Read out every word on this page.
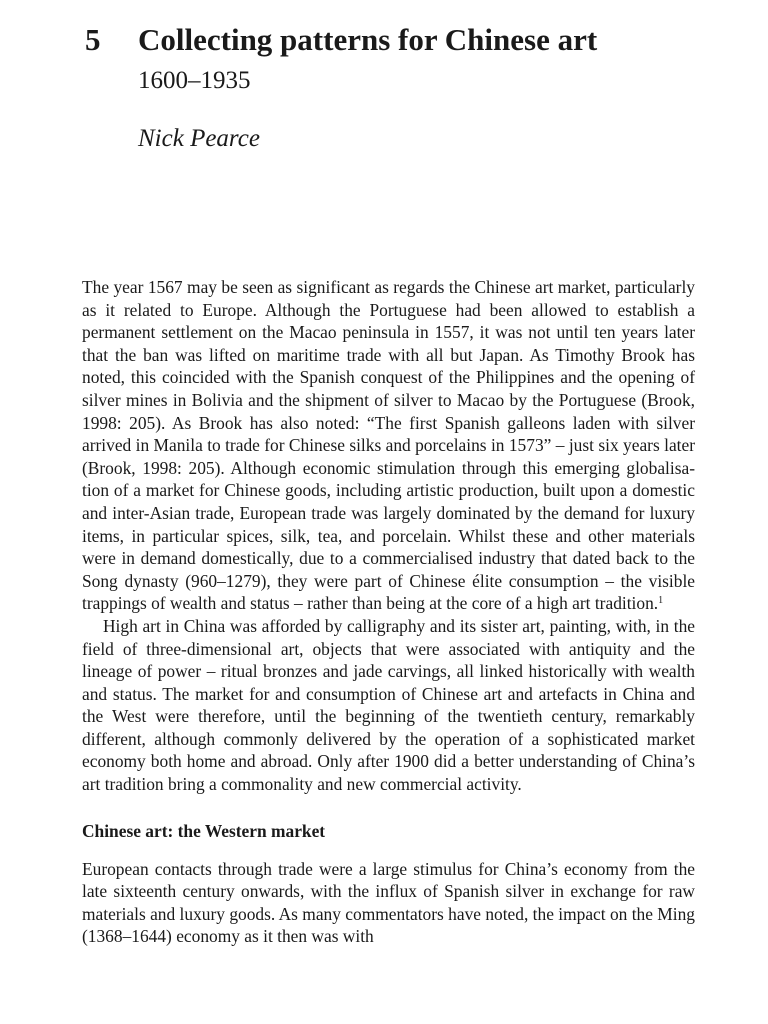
5 Collecting patterns for Chinese art
1600–1935
Nick Pearce

The year 1567 may be seen as significant as regards the Chinese art market, particularly as it related to Europe. Although the Portuguese had been allowed to establish a permanent settlement on the Macao peninsula in 1557, it was not until ten years later that the ban was lifted on maritime trade with all but Japan. As Timothy Brook has noted, this coincided with the Spanish conquest of the Philippines and the opening of silver mines in Bolivia and the shipment of silver to Macao by the Portuguese (Brook, 1998: 205). As Brook has also noted: “The first Spanish galleons laden with silver arrived in Manila to trade for Chinese silks and porcelains in 1573” – just six years later (Brook, 1998: 205). Although economic stimulation through this emerging globalisation of a market for Chinese goods, including artistic production, built upon a domestic and inter-Asian trade, European trade was largely dominated by the demand for luxury items, in particular spices, silk, tea, and porcelain. Whilst these and other materials were in demand domestically, due to a commercialised industry that dated back to the Song dynasty (960–1279), they were part of Chinese élite consumption – the visible trappings of wealth and status – rather than being at the core of a high art tradition.$^1$

High art in China was afforded by calligraphy and its sister art, painting, with, in the field of three-dimensional art, objects that were associated with antiquity and the lineage of power – ritual bronzes and jade carvings, all linked historically with wealth and status. The market for and consumption of Chinese art and artefacts in China and the West were therefore, until the beginning of the twentieth century, remarkably different, although commonly delivered by the operation of a sophisticated market economy both home and abroad. Only after 1900 did a better understanding of China’s art tradition bring a commonality and new commercial activity.

Chinese art: the Western market

European contacts through trade were a large stimulus for China’s economy from the late sixteenth century onwards, with the influx of Spanish silver in exchange for raw materials and luxury goods. As many commentators have noted, the impact on the Ming (1368–1644) economy as it then was with
